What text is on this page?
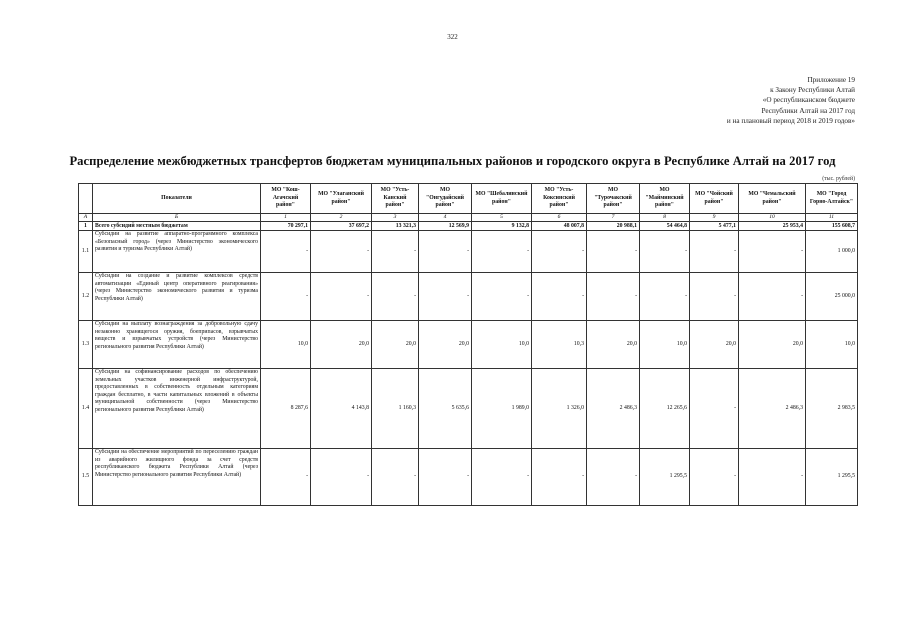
322
Приложение 19
к Закону Республики Алтай
«О республиканском бюджете
Республики Алтай на 2017 год
и на плановый период 2018 и 2019 годов»
Распределение межбюджетных трансфертов бюджетам муниципальных районов и городского округа в Республике Алтай на 2017 год
(тыс. рублей)
	Показатели	МО "Кош-Агачский район"	МО "Улаганский район"	МО "Усть-Канский район"	МО "Онгудайский район"	МО "Шебалинский район"	МО "Усть-Коксинский район"	МО "Турочакский район"	МО "Майминский район"	МО "Чойский район"	МО "Чемальский район"	МО "Город Горно-Алтайск"
А	Б	1	2	3	4	5	6	7	8	9	10	11
1	Всего субсидий местным бюджетам	70 297,1	37 697,2	13 321,3	12 569,9	9 132,8	48 007,8	20 988,1	54 464,8	5 477,1	25 953,4	155 608,7
1.1	Субсидии на развитие аппаратно-программного комплекса «Безопасный город» (через Министерство экономического развития и туризма Республики Алтай)	-	-	-	-	-	-	-	-	-	-	1 000,0
1.2	Субсидии на создание и развитие комплексов средств автоматизации «Единый центр оперативного реагирования» (через Министерство экономического развития и туризма Республики Алтай)	-	-	-	-	-	-	-	-	-	-	25 000,0
1.3	Субсидии на выплату вознаграждения за добровольную сдачу незаконно хранящегося оружия, боеприпасов, взрывчатых веществ и взрывчатых устройств (через Министерство регионального развития Республики Алтай)	10,0	20,0	20,0	20,0	10,0	10,3	20,0	10,0	20,0	20,0	10,0
1.4	Субсидии на софинансирование расходов по обеспечению земельных участков инженерной инфраструктурой, предоставленных в собственность отдельным категориям граждан бесплатно, в части капитальных вложений в объекты муниципальной собственности (через Министерство регионального развития Республики Алтай)	8 287,6	4 143,8	1 160,3	5 635,6	1 989,0	1 326,0	2 486,3	12 265,6	-	2 486,3	2 983,5
1.5	Субсидии на обеспечение мероприятий по переселению граждан из аварийного жилищного фонда за счет средств республиканского бюджета Республики Алтай (через Министерство регионального развития Республики Алтай)	-	-	-	-	-	-	-	1 295,5	-	-	1 295,5
